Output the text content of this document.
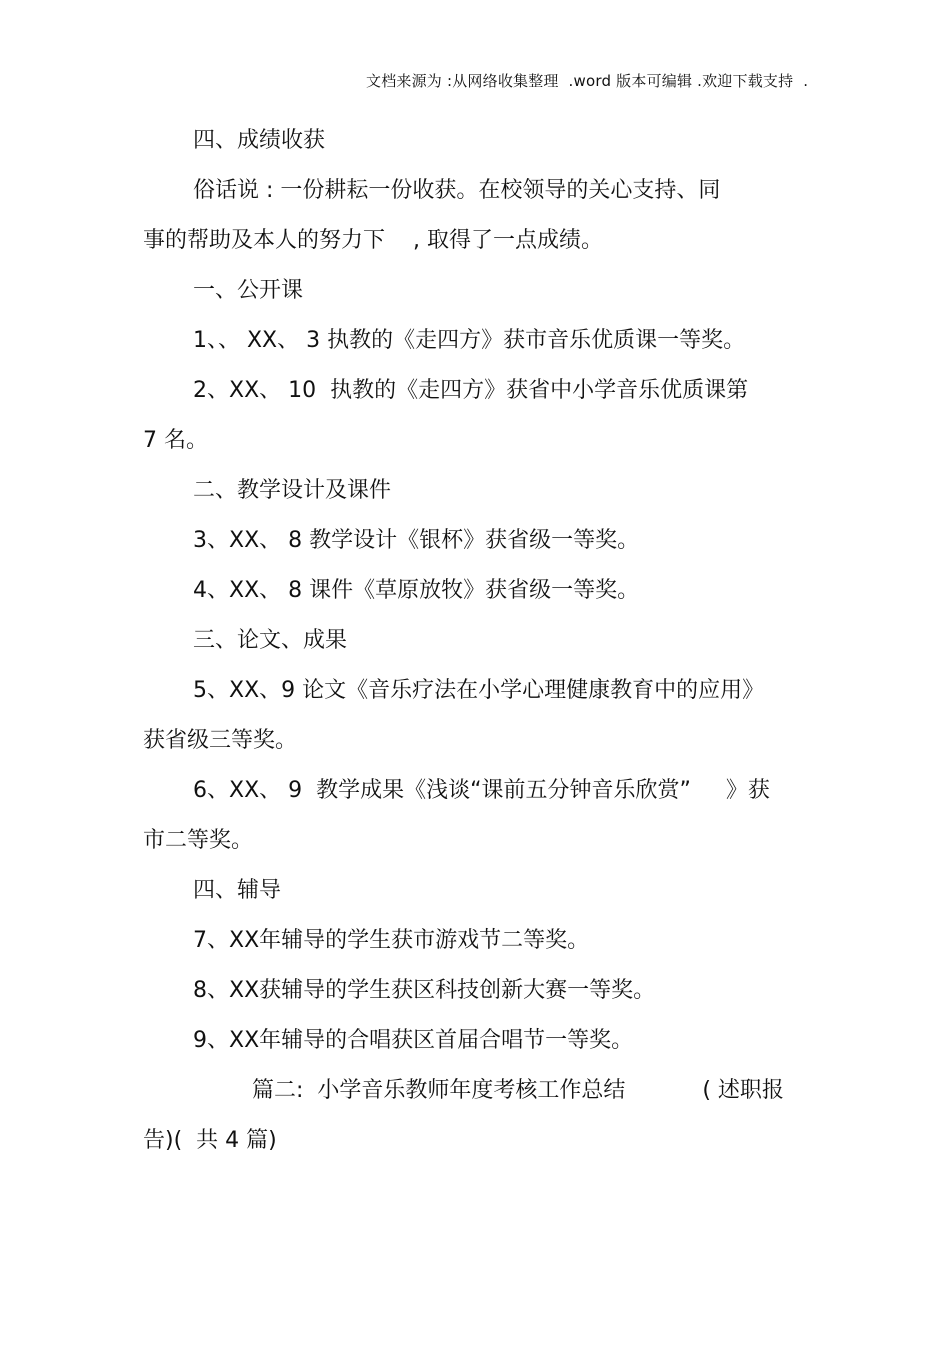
文档来源为 :从网络收集整理  .word 版本可编辑 .欢迎下载支持  .
四、成绩收获
俗话说 : 一份耕耘一份收获。在校领导的关心支持、同
事的帮助及本人的努力下    , 取得了一点成绩。
一、公开课
1、、 XX、 3 执教的《走四方》获市音乐优质课一等奖。
2、XX、 10  执教的《走四方》获省中小学音乐优质课第
7 名。
二、教学设计及课件
3、XX、 8 教学设计《银杯》获省级一等奖。
4、XX、 8 课件《草原放牧》获省级一等奖。
三、论文、成果
5、XX、9 论文《音乐疗法在小学心理健康教育中的应用》
获省级三等奖。
6、XX、 9  教学成果《浅谈“课前五分钟音乐欣赏”     》获
市二等奖。
四、辅导
7、XX年辅导的学生获市游戏节二等奖。
8、XX获辅导的学生获区科技创新大赛一等奖。
9、XX年辅导的合唱获区首届合唱节一等奖。
篇二:  小学音乐教师年度考核工作总结           ( 述职报
告)(  共 4 篇)
